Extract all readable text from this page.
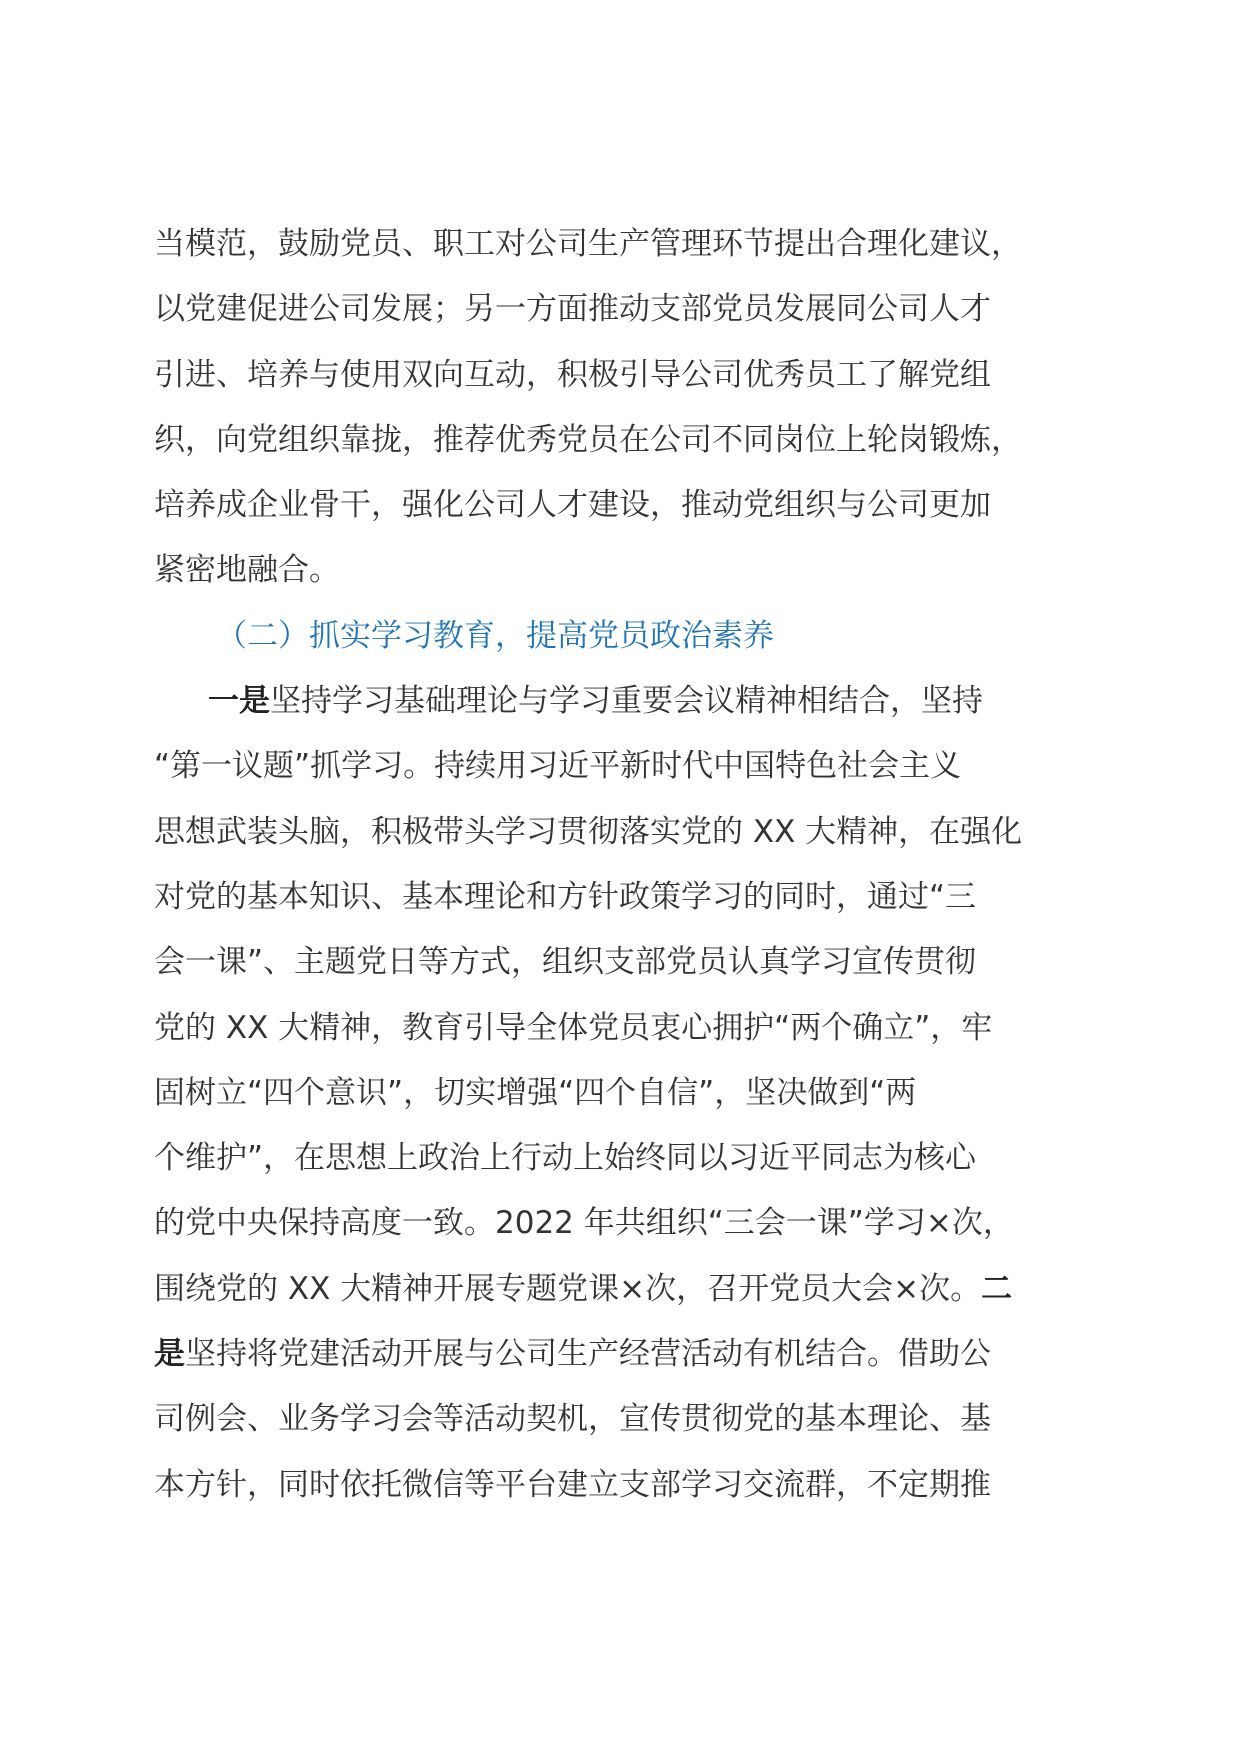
当模范，鼓励党员、职工对公司生产管理环节提出合理化建议，
以党建促进公司发展；另一方面推动支部党员发展同公司人才
引进、培养与使用双向互动，积极引导公司优秀员工了解党组
织，向党组织靠拢，推荐优秀党员在公司不同岗位上轮岗锻炼，
培养成企业骨干，强化公司人才建设，推动党组织与公司更加
紧密地融合。
（二）抓实学习教育，提高党员政治素养
一是坚持学习基础理论与学习重要会议精神相结合，坚持
“第一议题”抓学习。持续用习近平新时代中国特色社会主义
思想武装头脑，积极带头学习贯彻落实党的 XX 大精神，在强化
对党的基本知识、基本理论和方针政策学习的同时，通过“三
会一课”、主题党日等方式，组织支部党员认真学习宣传贯彻
党的 XX 大精神，教育引导全体党员衷心拥护“两个确立”，牢
固树立“四个意识”，切实增强“四个自信”，坚决做到“两
个维护”，在思想上政治上行动上始终同以习近平同志为核心
的党中央保持高度一致。2022 年共组织“三会一课”学习×次，
围绕党的 XX 大精神开展专题党课×次，召开党员大会×次。二
是坚持将党建活动开展与公司生产经营活动有机结合。借助公
司例会、业务学习会等活动契机，宣传贯彻党的基本理论、基
本方针，同时依托微信等平台建立支部学习交流群，不定期推
